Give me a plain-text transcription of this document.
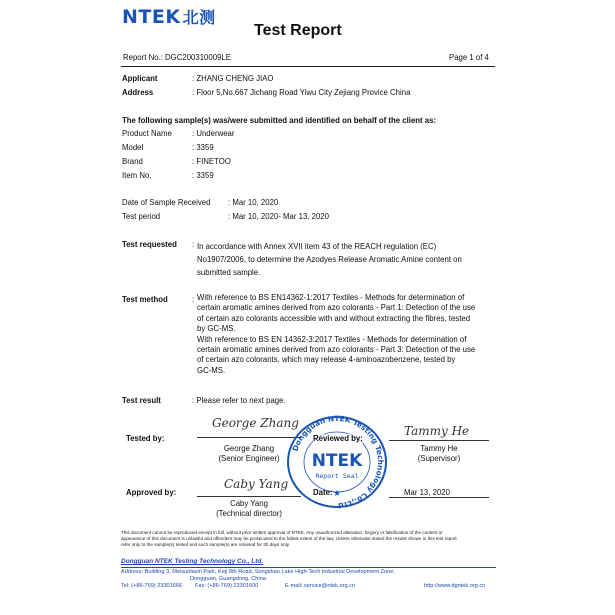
NTEK 北测
Test Report
Report No.: DGC200310009LE	Page 1 of 4
Applicant	: ZHANG CHENG JIAO
Address	: Floor 5,No.667 Jichang Road Yiwu City Zejiang Provice China
The following sample(s) was/were submitted and identified on behalf of the client as:
Product Name	: Underwear
Model	: 3359
Brand	: FINETOO
Item No.	: 3359
Date of Sample Received : Mar 10, 2020
Test period	: Mar 10, 2020- Mar 13, 2020
Test requested : In accordance with Annex XVII item 43 of the REACH regulation (EC)
No1907/2006, to determine the Azodyes Release Aromatic Amine content on
submitted sample.
Test method	: With reference to BS EN14362-1:2017 Textiles - Methods for determination of
certain aromatic amines derived from azo colorants - Part 1: Detection of the use
of certain azo colorants accessible with and without extracting the fibres, tested
by GC-MS.
With reference to BS EN 14362-3:2017 Textiles - Methods for determination of
certain aromatic amines derived from azo colorants - Part 3: Detection of the use
of certain azo colorants, which may release 4-aminoazobenzene, tested by
GC-MS.
Test result	: Please refer to next page.
Tested by:
George Zhang
George Zhang
(Senior Engineer)
Dongguan NTEK Testing Technology Co.,Ltd
NTEK
Report Seal
★
Reviewed by:
Tammy He
Tammy He
(Supervisor)
Approved by:
Caby Yang
Caby Yang
(Technical director)
Date:	Mar 13, 2020
This document cannot be reproduced except in full, without prior written approval of NTEK. Any unauthorized alteration, forgery or falsification of the content or
appearance of this document is unlawful and offenders may be prosecuted to the fullest extent of the law. Unless otherwise stated the results shown in this test report
refer only to the sample(s) tested and such sample(s) are retained for 30 days only.
Dongguan NTEK Testing Technology Co., Ltd.
Address: Building 3, Meisuidaxin Park, Keji 8th Road, Songshan Lake High-Tech Industrial Development Zone,
Dongguan, Guangdong, China
Tel: (+86-769) 23301666 Fax: (+86-769) 23301600	E-mail: service@ntek.org.cn	http://www.dgntek.org.cn
